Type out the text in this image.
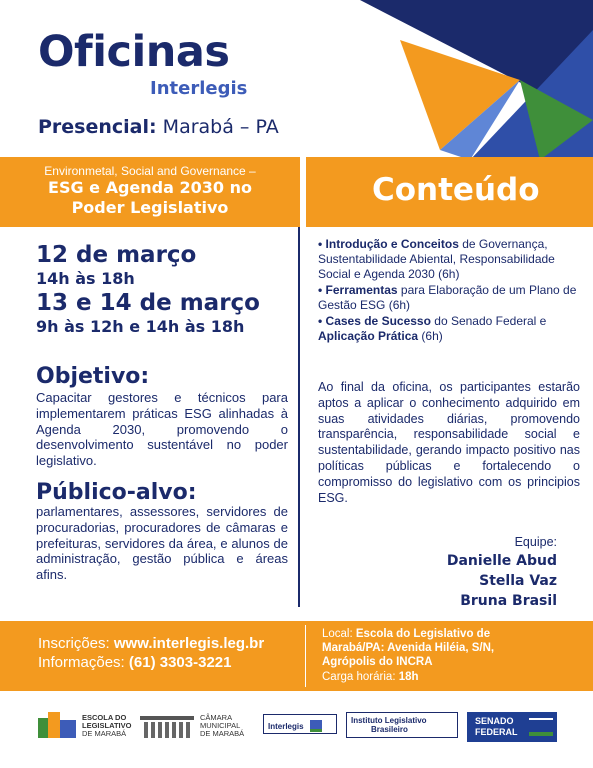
Oficinas
Interlegis
Presencial: Marabá – PA
Environmetal, Social and Governance –
ESG e Agenda 2030 no
Poder Legislativo	Conteúdo
12 de março
14h às 18h
13 e 14 de março
9h às 12h e 14h às 18h
Objetivo:
Capacitar gestores e técnicos para implementarem práticas ESG alinhadas à Agenda 2030, promovendo o desenvolvimento sustentável no poder legislativo.
Público-alvo:
parlamentares, assessores, servidores de procuradorias, procuradores de câmaras e prefeituras, servidores da área, e alunos de administração, gestão pública e áreas afins.

• Introdução e Conceitos de Governança, Sustentabilidade Abiental, Responsabilidade Social e Agenda 2030 (6h)

• Ferramentas para Elaboração de um Plano de Gestão ESG (6h)

• Cases de Sucesso do Senado Federal e Aplicação Prática (6h)

Ao final da oficina, os participantes estarão aptos a aplicar o conhecimento adquirido em suas atividades diárias, promovendo transparência, responsabilidade social e sustentabilidade, gerando impacto positivo nas políticas públicas e fortalecendo o compromisso do legislativo com os principios ESG.
Equipe:
Danielle Abud
Stella Vaz
Bruna Brasil
Inscrições: www.interlegis.leg.br
Informações: (61) 3303-3221
Local: Escola do Legislativo de
Marabá/PA: Avenida Hiléia, S/N,
Agrópolis do INCRA
Carga horária: 18h
ESCOLA DO
LEGISLATIVO
DE MARABÁ
CÂMARA
MUNICIPAL
DE MARABÁ
Interlegis
Instituto Legislativo
Brasileiro
SENADO
FEDERAL
